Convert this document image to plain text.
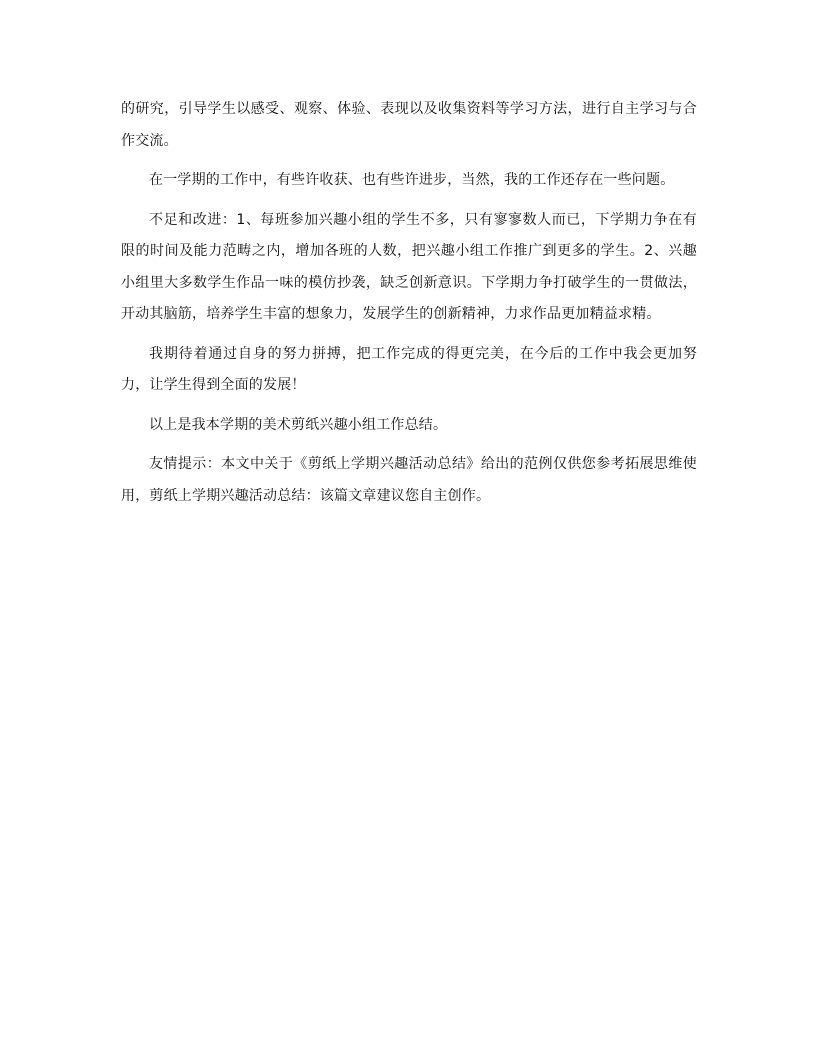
的研究，引导学生以感受、观察、体验、表现以及收集资料等学习方法，进行自主学习与合作交流。

在一学期的工作中，有些许收获、也有些许进步，当然，我的工作还存在一些问题。

不足和改进：1、每班参加兴趣小组的学生不多，只有寥寥数人而已，下学期力争在有限的时间及能力范畴之内，增加各班的人数，把兴趣小组工作推广到更多的学生。2、兴趣小组里大多数学生作品一味的模仿抄袭，缺乏创新意识。下学期力争打破学生的一贯做法，开动其脑筋，培养学生丰富的想象力，发展学生的创新精神，力求作品更加精益求精。

我期待着通过自身的努力拼搏，把工作完成的得更完美，在今后的工作中我会更加努力，让学生得到全面的发展！

以上是我本学期的美术剪纸兴趣小组工作总结。

友情提示：本文中关于《剪纸上学期兴趣活动总结》给出的范例仅供您参考拓展思维使用，剪纸上学期兴趣活动总结：该篇文章建议您自主创作。
